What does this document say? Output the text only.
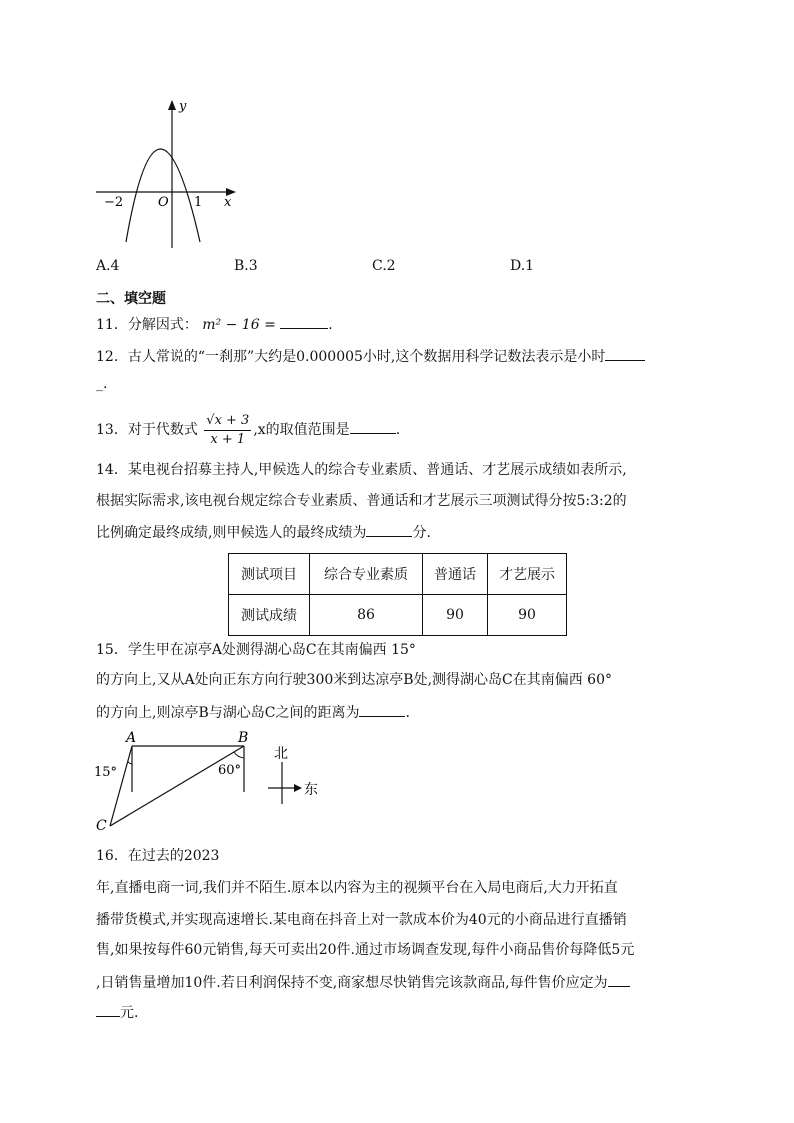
y
x
O
−2	1
A.4	B.3	C.2	D.1
二、填空题
11．分解因式： m² − 16 =	.
12．古人常说的“一刹那”大约是0.000005小时,这个数据用科学记数法表示是小时
_.
13．对于代数式 $\frac{√x + 3}{x + 1} ,x$的取值范围是	.
14．某电视台招募主持人,甲候选人的综合专业素质、普通话、才艺展示成绩如表所示,
根据实际需求,该电视台规定综合专业素质、普通话和才艺展示三项测试得分按5:3:2的
比例确定最终成绩,则甲候选人的最终成绩为	分.
测试项目	综合专业素质	普通话	才艺展示
测试成绩	86	90	90
15．学生甲在凉亭A处测得湖心岛C在其南偏西 15°
的方向上,又从A处向正东方向行驶300米到达凉亭B处,测得湖心岛C在其南偏西 60°
的方向上,则凉亭B与湖心岛C之间的距离为	.
A	B
C
15°	60°
北
东
16．在过去的2023
年,直播电商一词,我们并不陌生.原本以内容为主的视频平台在入局电商后,大力开拓直
播带货模式,并实现高速增长.某电商在抖音上对一款成本价为40元的小商品进行直播销
售,如果按每件60元销售,每天可卖出20件.通过市场调查发现,每件小商品售价每降低5元
,日销售量增加10件.若日利润保持不变,商家想尽快销售完该款商品,每件售价应定为
元.
